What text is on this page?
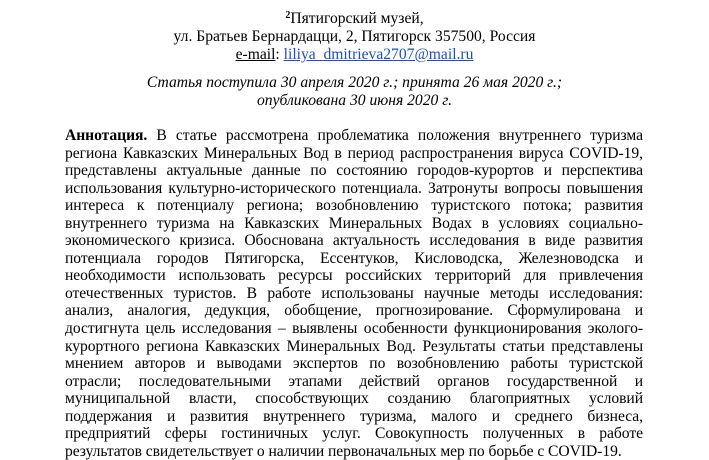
$^2$Пятигорский музей,
ул. Братьев Бернардацци, 2, Пятигорск 357500, Россия
e-mail: liliya_dmitrieva2707@mail.ru
Статья поступила 30 апреля 2020 г.; принята 26 мая 2020 г.;
опубликована 30 июня 2020 г.
Аннотация. В статье рассмотрена проблематика положения внутреннего туризма региона Кавказских Минеральных Вод в период распространения вируса COVID-19, представлены актуальные данные по состоянию городов-курортов и перспектива использования культурно-исторического потенциала. Затронуты вопросы повышения интереса к потенциалу региона; возобновлению туристского потока; развития внутреннего туризма на Кавказских Минеральных Водах в условиях социально-экономического кризиса. Обоснована актуальность исследования в виде развития потенциала городов Пятигорска, Ессентуков, Кисловодска, Железноводска и необходимости использовать ресурсы российских территорий для привлечения отечественных туристов. В работе использованы научные методы исследования: анализ, аналогия, дедукция, обобщение, прогнозирование. Сформулирована и достигнута цель исследования – выявлены особенности функционирования эколого-курортного региона Кавказских Минеральных Вод. Результаты статьи представлены мнением авторов и выводами экспертов по возобновлению работы туристской отрасли; последовательными этапами действий органов государственной и муниципальной власти, способствующих созданию благоприятных условий поддержания и развития внутреннего туризма, малого и среднего бизнеса, предприятий сферы гостиничных услуг. Совокупность полученных в работе результатов свидетельствует о наличии первоначальных мер по борьбе с COVID-19.
